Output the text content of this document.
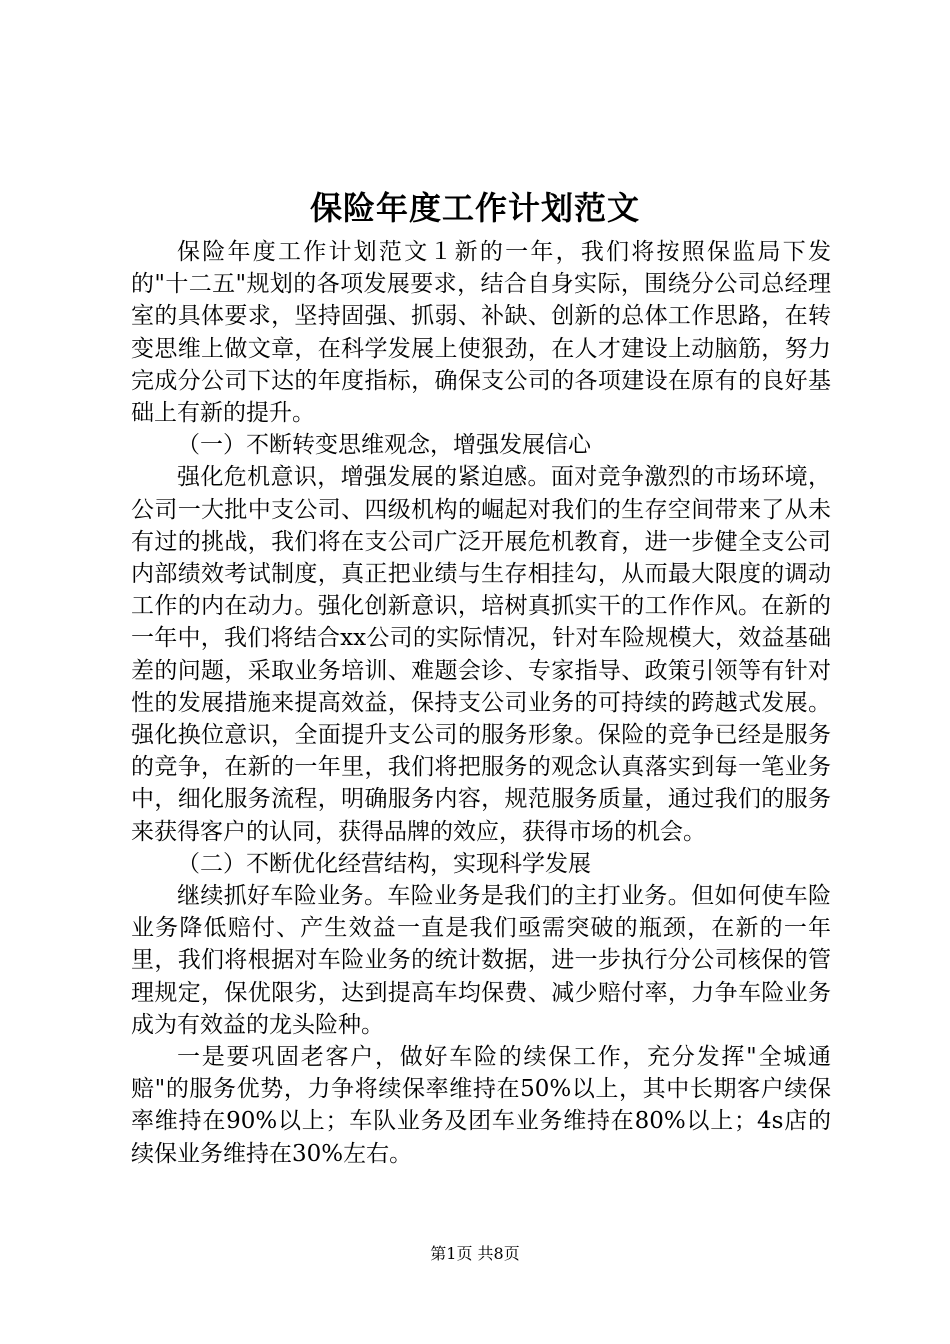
保险年度工作计划范文

保险年度工作计划范文１新的一年，我们将按照保监局下发的"十二五"规划的各项发展要求，结合自身实际，围绕分公司总经理室的具体要求，坚持固强、抓弱、补缺、创新的总体工作思路，在转变思维上做文章，在科学发展上使狠劲，在人才建设上动脑筋，努力完成分公司下达的年度指标，确保支公司的各项建设在原有的良好基础上有新的提升。

（一）不断转变思维观念，增强发展信心

强化危机意识，增强发展的紧迫感。面对竞争激烈的市场环境，公司一大批中支公司、四级机构的崛起对我们的生存空间带来了从未有过的挑战，我们将在支公司广泛开展危机教育，进一步健全支公司内部绩效考试制度，真正把业绩与生存相挂勾，从而最大限度的调动工作的内在动力。强化创新意识，培树真抓实干的工作作风。在新的一年中，我们将结合xx公司的实际情况，针对车险规模大，效益基础差的问题，采取业务培训、难题会诊、专家指导、政策引领等有针对性的发展措施来提高效益，保持支公司业务的可持续的跨越式发展。强化换位意识，全面提升支公司的服务形象。保险的竞争已经是服务的竞争，在新的一年里，我们将把服务的观念认真落实到每一笔业务中，细化服务流程，明确服务内容，规范服务质量，通过我们的服务来获得客户的认同，获得品牌的效应，获得市场的机会。

（二）不断优化经营结构，实现科学发展

继续抓好车险业务。车险业务是我们的主打业务。但如何使车险业务降低赔付、产生效益一直是我们亟需突破的瓶颈，在新的一年里，我们将根据对车险业务的统计数据，进一步执行分公司核保的管理规定，保优限劣，达到提高车均保费、减少赔付率，力争车险业务成为有效益的龙头险种。

一是要巩固老客户，做好车险的续保工作，充分发挥"全城通赔"的服务优势，力争将续保率维持在50%以上，其中长期客户续保率维持在90%以上；车队业务及团车业务维持在80%以上；4s店的续保业务维持在30%左右。

第1页 共8页
